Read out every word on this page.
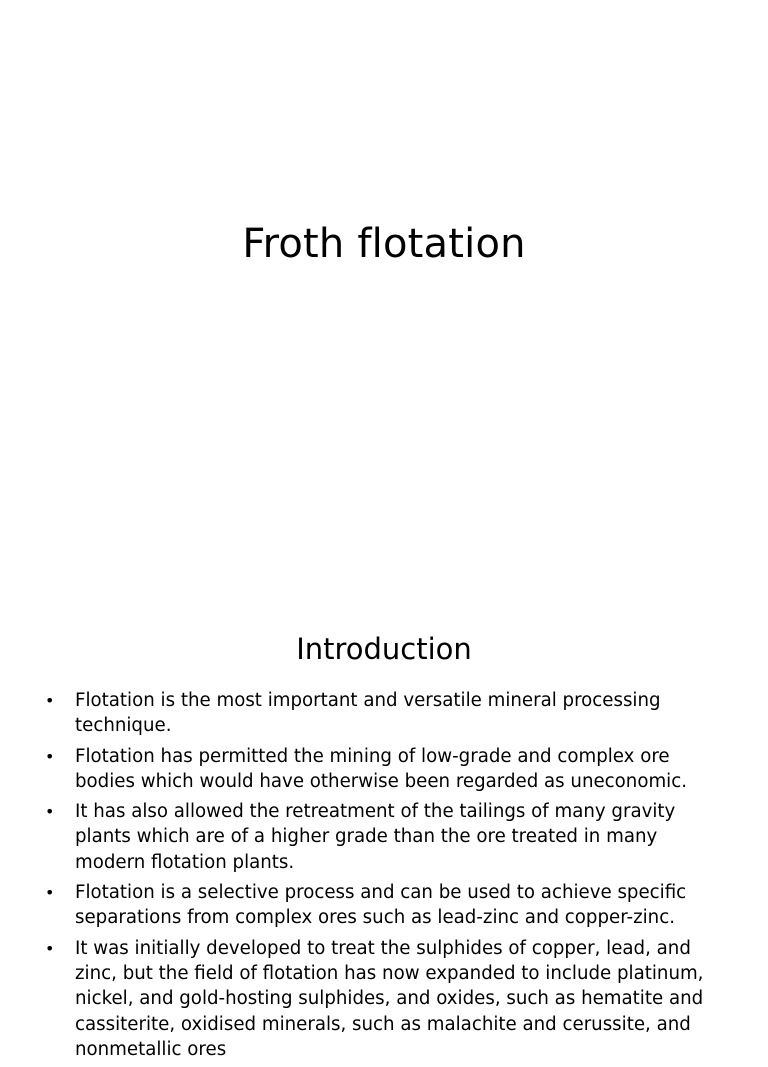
Froth flotation
Introduction
•	Flotation is the most important and versatile mineral processing technique.
•	Flotation has permitted the mining of low-grade and complex ore bodies which would have otherwise been regarded as uneconomic.
•	It has also allowed the retreatment of the tailings of many gravity plants which are of a higher grade than the ore treated in many modern flotation plants.
•	Flotation is a selective process and can be used to achieve specific separations from complex ores such as lead-zinc and copper-zinc.
•	It was initially developed to treat the sulphides of copper, lead, and zinc, but the field of flotation has now expanded to include platinum, nickel, and gold-hosting sulphides, and oxides, such as hematite and cassiterite, oxidised minerals, such as malachite and cerussite, and nonmetallic ores
